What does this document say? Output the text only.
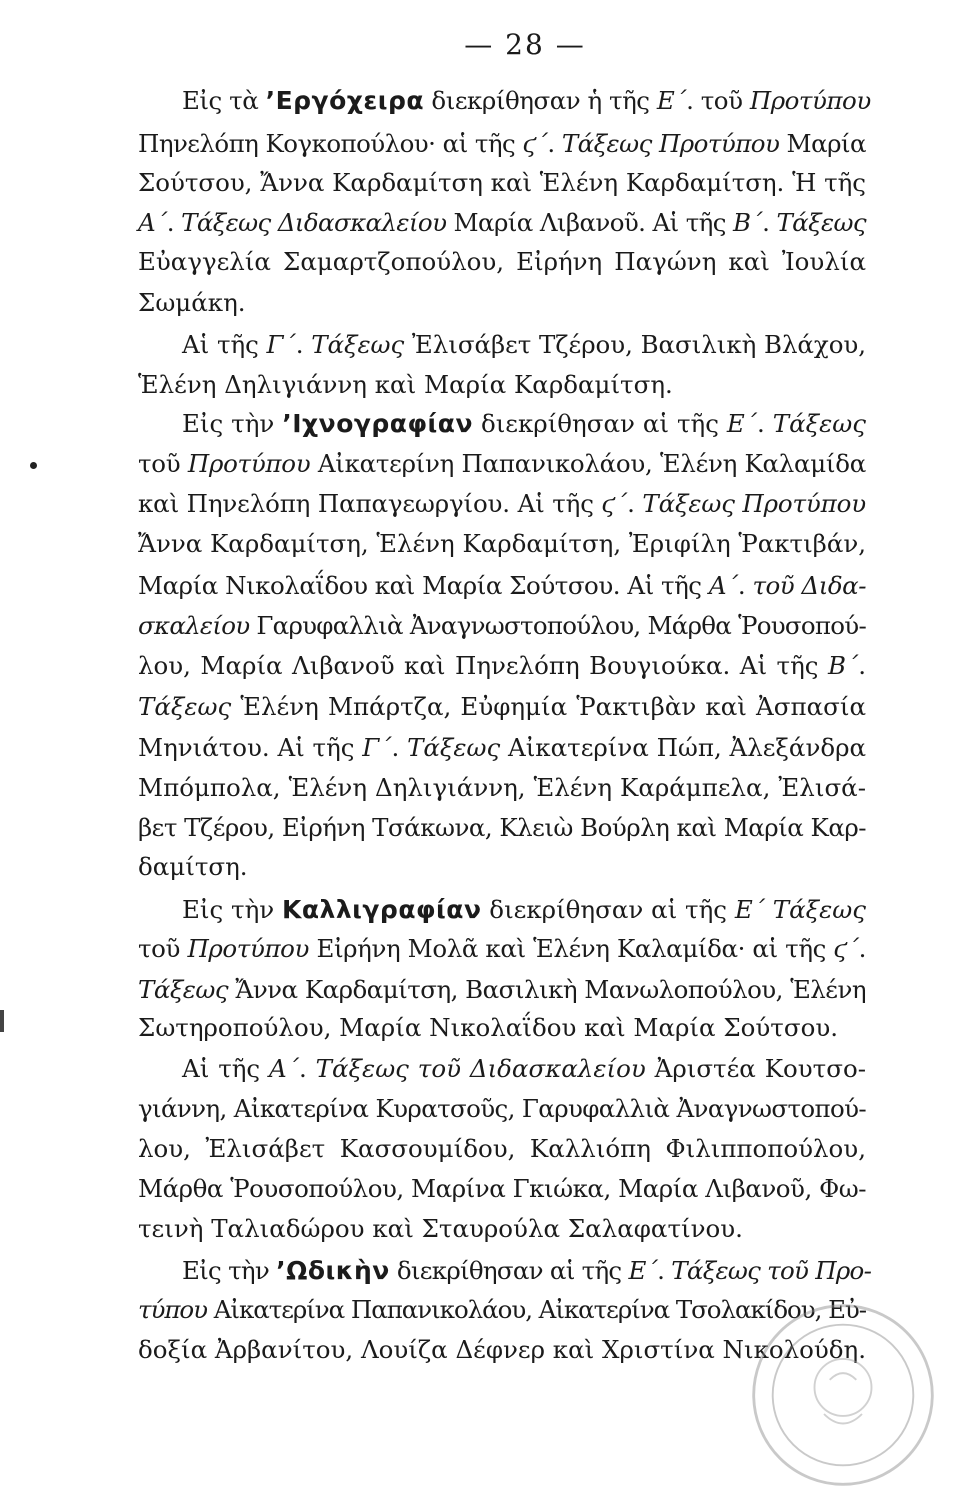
— 28 —
Εἰς τὰ ’Εργόχειρα διεκρίθησαν ἡ τῆς Ε΄. τοῦ Προτύπου
Πηνελόπη Κογκοπούλου· αἱ τῆς ϛ΄. Τάξεως Προτύπου Μαρία
Σούτσου, Ἄννα Καρδαμίτση καὶ Ἑλένη Καρδαμίτση. Ἡ τῆς
Α΄. Τάξεως Διδασκαλείου Μαρία Λιβανοῦ. Αἱ τῆς Β΄. Τάξεως
Εὐαγγελία Σαμαρτζοπούλου, Εἰρήνη Παγώνη καὶ Ἰουλία
Σωμάκη.
Αἱ τῆς Γ΄. Τάξεως Ἐλισάβετ Τζέρου, Βασιλικὴ Βλάχου,
Ἑλένη Δηλιγιάννη καὶ Μαρία Καρδαμίτση.
Εἰς τὴν ’Ιχνογραφίαν διεκρίθησαν αἱ τῆς Ε΄. Τάξεως
τοῦ Προτύπου Αἰκατερίνη Παπανικολάου, Ἑλένη Καλαμίδα
καὶ Πηνελόπη Παπαγεωργίου. Αἱ τῆς ϛ΄. Τάξεως Προτύπου
Ἄννα Καρδαμίτση, Ἑλένη Καρδαμίτση, Ἐριφίλη Ῥακτιβάν,
Μαρία Νικολαΐδου καὶ Μαρία Σούτσου. Αἱ τῆς Α΄. τοῦ Διδα-
σκαλείου Γαρυφαλλιὰ Ἀναγνωστοπούλου, Μάρθα Ῥουσοπού-
λου, Μαρία Λιβανοῦ καὶ Πηνελόπη Βουγιούκα. Αἱ τῆς Β΄.
Τάξεως Ἑλένη Μπάρτζα, Εὐφημία Ῥακτιβὰν καὶ Ἀσπασία
Μηνιάτου. Αἱ τῆς Γ΄. Τάξεως Αἰκατερίνα Πώπ, Ἀλεξάνδρα
Μπόμπολα, Ἑλένη Δηλιγιάννη, Ἑλένη Καράμπελα, Ἐλισά-
βετ Τζέρου, Εἰρήνη Τσάκωνα, Κλειὼ Βούρλη καὶ Μαρία Καρ-
δαμίτση.
Εἰς τὴν Καλλιγραφίαν διεκρίθησαν αἱ τῆς Ε΄ Τάξεως
τοῦ Προτύπου Εἰρήνη Μολᾶ καὶ Ἑλένη Καλαμίδα· αἱ τῆς ϛ΄.
Τάξεως Ἄννα Καρδαμίτση, Βασιλικὴ Μανωλοπούλου, Ἑλένη
Σωτηροπούλου, Μαρία Νικολαΐδου καὶ Μαρία Σούτσου.
Αἱ τῆς Α΄. Τάξεως τοῦ Διδασκαλείου Ἀριστέα Κουτσο-
γιάννη, Αἰκατερίνα Κυρατσοῦς, Γαρυφαλλιὰ Ἀναγνωστοπού-
λου, Ἐλισάβετ Κασσουμίδου, Καλλιόπη Φιλιπποπούλου,
Μάρθα Ῥουσοπούλου, Μαρίνα Γκιώκα, Μαρία Λιβανοῦ, Φω-
τεινὴ Ταλιαδώρου καὶ Σταυρούλα Σαλαφατίνου.
Εἰς τὴν ’Ωδικὴν διεκρίθησαν αἱ τῆς Ε΄. Τάξεως τοῦ Προ-
τύπου Αἰκατερίνα Παπανικολάου, Αἰκατερίνα Τσολακίδου, Εὐ-
δοξία Ἀρβανίτου, Λουίζα Δέφνερ καὶ Χριστίνα Νικολούδη.
